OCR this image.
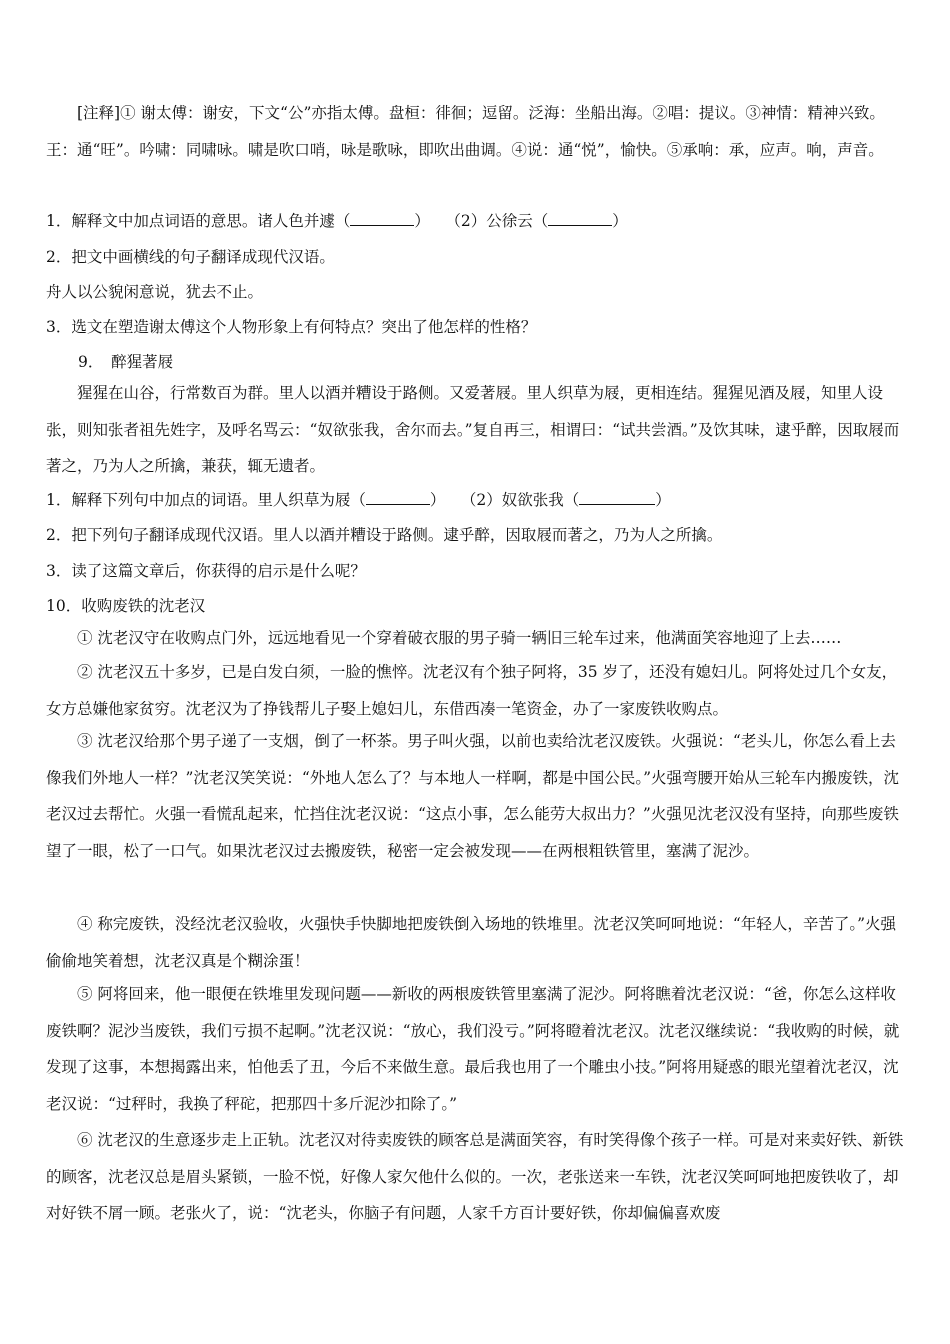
[注释]① 谢太傅：谢安，下文“公”亦指太傅。盘桓：徘徊；逗留。泛海：坐船出海。②唱：提议。③神情：精神兴致。王：通“旺”。吟啸：同啸咏。啸是吹口哨，咏是歌咏，即吹出曲调。④说：通“悦”，愉快。⑤承响：承，应声。响，声音。

1．解释文中加点词语的意思。诸人色并遽（	）　　（2）公徐云（	）

2．把文中画横线的句子翻译成现代汉语。

舟人以公貌闲意说，犹去不止。

3．选文在塑造谢太傅这个人物形象上有何特点？突出了他怎样的性格？

9．　醉猩著屐

猩猩在山谷，行常数百为群。里人以酒并糟设于路侧。又爱著屐。里人织草为屐，更相连结。猩猩见酒及屐，知里人设张，则知张者祖先姓字，及呼名骂云：“奴欲张我，舍尔而去。”复自再三，相谓曰：“试共尝酒。”及饮其味，逮乎醉，因取屐而著之，乃为人之所擒，兼获，辄无遗者。

1．解释下列句中加点的词语。里人织草为屐（	）　　（2）奴欲张我（	）

2．把下列句子翻译成现代汉语。里人以酒并糟设于路侧。逮乎醉，因取屐而著之，乃为人之所擒。

3．读了这篇文章后，你获得的启示是什么呢？

10．收购废铁的沈老汉

① 沈老汉守在收购点门外，远远地看见一个穿着破衣服的男子骑一辆旧三轮车过来，他满面笑容地迎了上去……

② 沈老汉五十多岁，已是白发白须，一脸的憔悴。沈老汉有个独子阿将，35 岁了，还没有媳妇儿。阿将处过几个女友，女方总嫌他家贫穷。沈老汉为了挣钱帮儿子娶上媳妇儿，东借西凑一笔资金，办了一家废铁收购点。

③ 沈老汉给那个男子递了一支烟，倒了一杯茶。男子叫火强，以前也卖给沈老汉废铁。火强说：“老头儿，你怎么看上去像我们外地人一样？”沈老汉笑笑说：“外地人怎么了？与本地人一样啊，都是中国公民。”火强弯腰开始从三轮车内搬废铁，沈老汉过去帮忙。火强一看慌乱起来，忙挡住沈老汉说：“这点小事，怎么能劳大叔出力？”火强见沈老汉没有坚持，向那些废铁望了一眼，松了一口气。如果沈老汉过去搬废铁，秘密一定会被发现——在两根粗铁管里，塞满了泥沙。

④ 称完废铁，没经沈老汉验收，火强快手快脚地把废铁倒入场地的铁堆里。沈老汉笑呵呵地说：“年轻人，辛苦了。”火强偷偷地笑着想，沈老汉真是个糊涂蛋！

⑤ 阿将回来，他一眼便在铁堆里发现问题——新收的两根废铁管里塞满了泥沙。阿将瞧着沈老汉说：“爸，你怎么这样收废铁啊？泥沙当废铁，我们亏损不起啊。”沈老汉说：“放心，我们没亏。”阿将瞪着沈老汉。沈老汉继续说：“我收购的时候，就发现了这事，本想揭露出来，怕他丢了丑，今后不来做生意。最后我也用了一个雕虫小技。”阿将用疑惑的眼光望着沈老汉，沈老汉说：“过秤时，我换了秤砣，把那四十多斤泥沙扣除了。”

⑥ 沈老汉的生意逐步走上正轨。沈老汉对待卖废铁的顾客总是满面笑容，有时笑得像个孩子一样。可是对来卖好铁、新铁的顾客，沈老汉总是眉头紧锁，一脸不悦，好像人家欠他什么似的。一次，老张送来一车铁，沈老汉笑呵呵地把废铁收了，却对好铁不屑一顾。老张火了，说：“沈老头，你脑子有问题，人家千方百计要好铁，你却偏偏喜欢废
